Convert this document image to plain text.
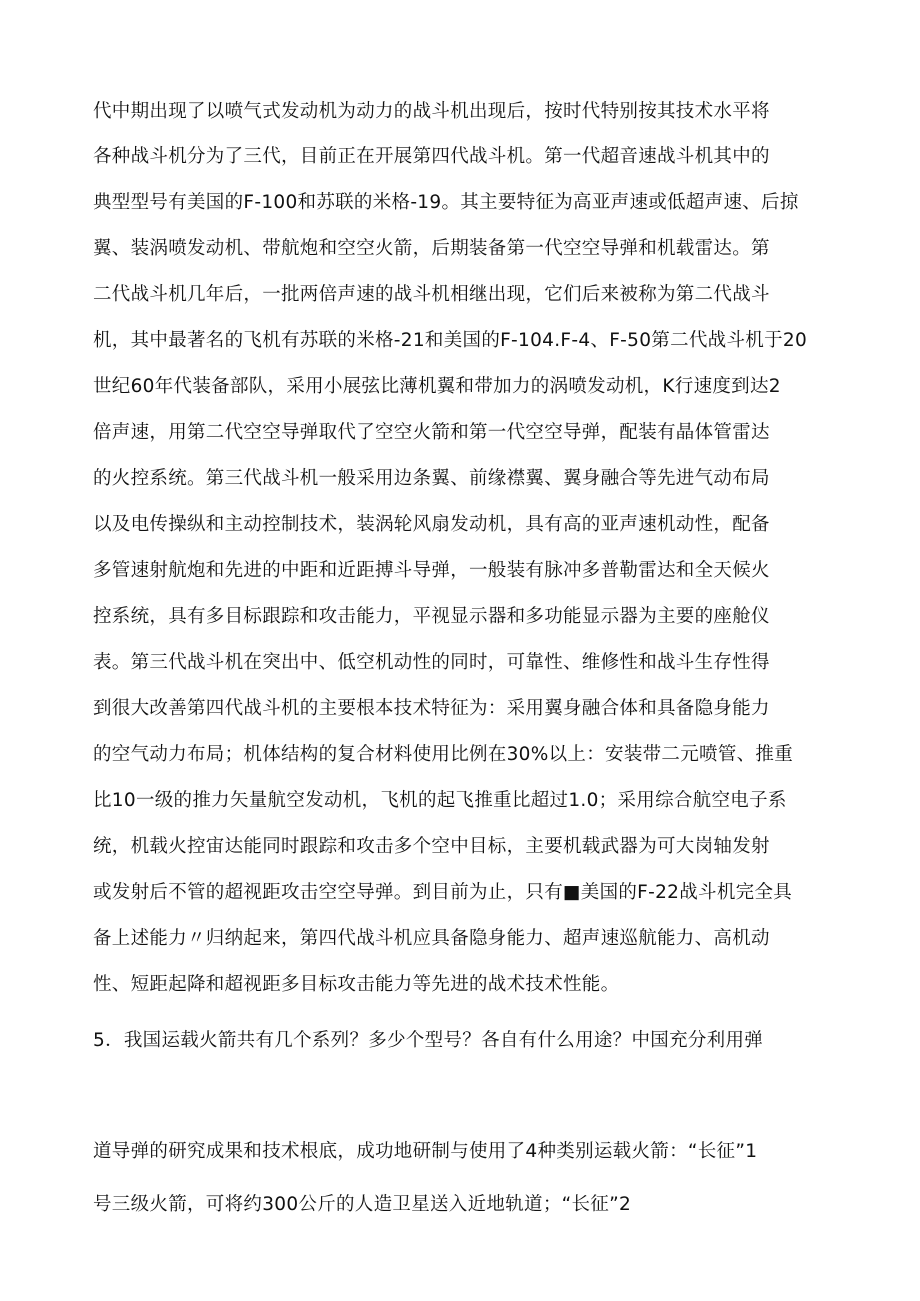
代中期出现了以喷气式发动机为动力的战斗机出现后，按时代特别按其技术水平将
各种战斗机分为了三代，目前正在开展第四代战斗机。第一代超音速战斗机其中的
典型型号有美国的F-100和苏联的米格-19。其主要特征为高亚声速或低超声速、后掠
翼、装涡喷发动机、带航炮和空空火箭，后期装备第一代空空导弹和机载雷达。第
二代战斗机几年后，一批两倍声速的战斗机相继出现，它们后来被称为第二代战斗
机，其中最著名的飞机有苏联的米格-21和美国的F-104.F-4、F-50第二代战斗机于20
世纪60年代装备部队，采用小展弦比薄机翼和带加力的涡喷发动机，K行速度到达2
倍声速，用第二代空空导弹取代了空空火箭和第一代空空导弹，配装有晶体管雷达
的火控系统。第三代战斗机一般采用边条翼、前缘襟翼、翼身融合等先进气动布局
以及电传操纵和主动控制技术，装涡轮风扇发动机，具有高的亚声速机动性，配备
多管速射航炮和先进的中距和近距搏斗导弹，一般装有脉冲多普勒雷达和全天候火
控系统，具有多目标跟踪和攻击能力，平视显示器和多功能显示器为主要的座舱仪
表。第三代战斗机在突出中、低空机动性的同时，可靠性、维修性和战斗生存性得
到很大改善第四代战斗机的主要根本技术特征为：采用翼身融合体和具备隐身能力
的空气动力布局；机体结构的复合材料使用比例在30%以上：安装带二元喷管、推重
比10一级的推力矢量航空发动机，飞机的起飞推重比超过1.0；采用综合航空电子系
统，机载火控宙达能同时跟踪和攻击多个空中目标，主要机载武器为可大岗轴发射
或发射后不管的超视距攻击空空导弹。到目前为止，只有■美国的F-22战斗机完全具
备上述能力〃归纳起来，第四代战斗机应具备隐身能力、超声速巡航能力、高机动
性、短距起降和超视距多目标攻击能力等先进的战术技术性能。
5．我国运载火箭共有几个系列？多少个型号？各自有什么用途？中国充分利用弹
道导弹的研究成果和技术根底，成功地研制与使用了4种类别运载火箭：“长征”1
号三级火箭，可将约300公斤的人造卫星送入近地轨道；“长征”2
